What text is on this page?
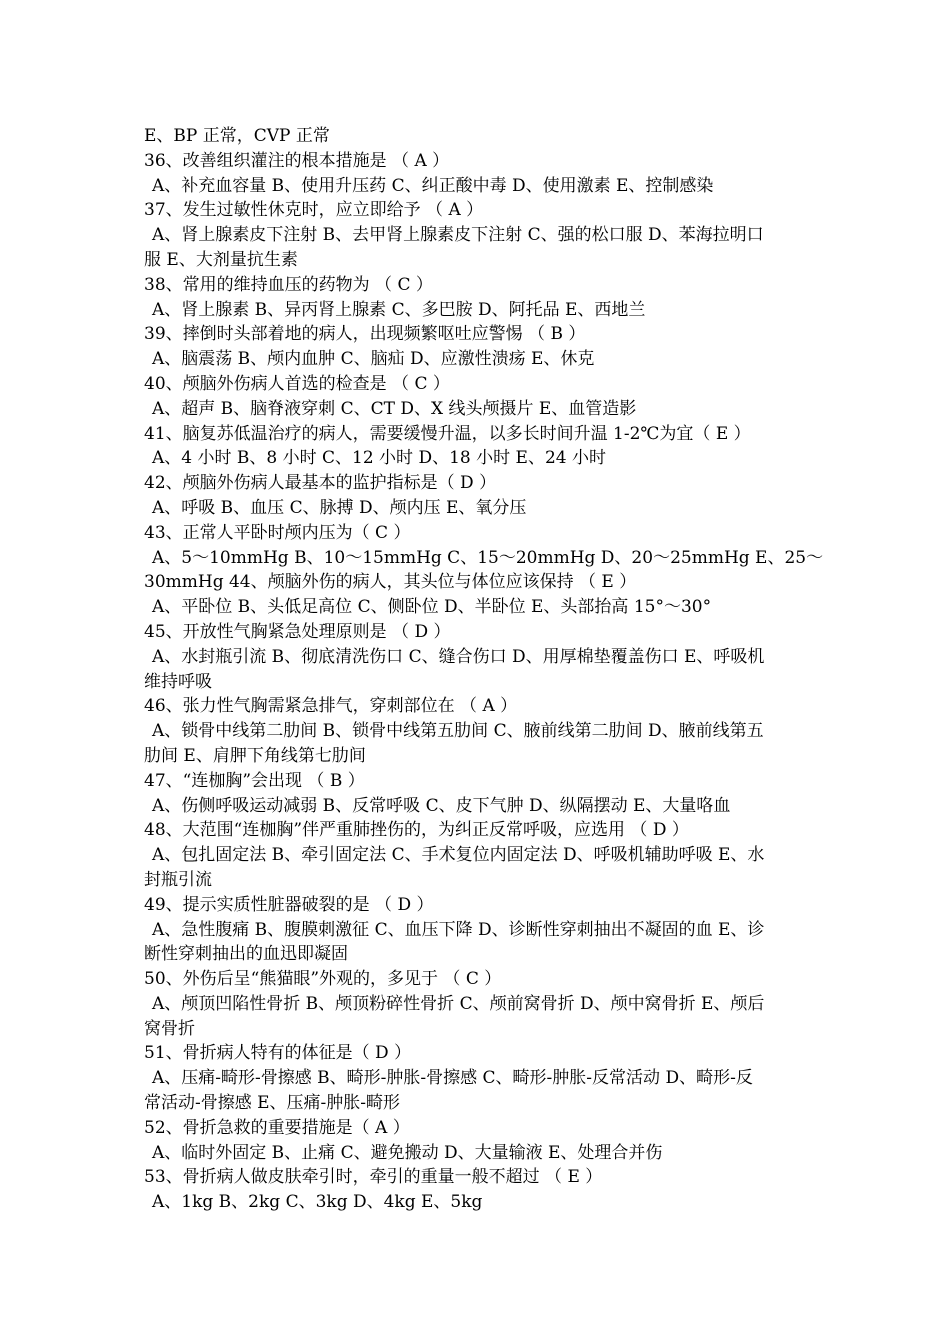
E、BP 正常，CVP 正常
36、改善组织灌注的根本措施是 （ A ）
A、补充血容量 B、使用升压药 C、纠正酸中毒 D、使用激素 E、控制感染
37、发生过敏性休克时，应立即给予 （ A ）
A、肾上腺素皮下注射 B、去甲肾上腺素皮下注射 C、强的松口服 D、苯海拉明口
服 E、大剂量抗生素
38、常用的维持血压的药物为 （ C ）
A、肾上腺素 B、异丙肾上腺素 C、多巴胺 D、阿托品 E、西地兰
39、摔倒时头部着地的病人，出现频繁呕吐应警惕 （ B ）
A、脑震荡 B、颅内血肿 C、脑疝 D、应激性溃疡 E、休克
40、颅脑外伤病人首选的检查是 （ C ）
A、超声 B、脑脊液穿刺 C、CT D、X 线头颅摄片 E、血管造影
41、脑复苏低温治疗的病人，需要缓慢升温，以多长时间升温 1-2℃为宜（ E ）
A、4 小时 B、8 小时 C、12 小时 D、18 小时 E、24 小时
42、颅脑外伤病人最基本的监护指标是（ D ）
A、呼吸 B、血压 C、脉搏 D、颅内压 E、氧分压
43、正常人平卧时颅内压为（ C ）
A、5～10mmHg B、10～15mmHg C、15～20mmHg D、20～25mmHg E、25～
30mmHg 44、颅脑外伤的病人，其头位与体位应该保持 （ E ）
A、平卧位 B、头低足高位 C、侧卧位 D、半卧位 E、头部抬高 15°～30°
45、开放性气胸紧急处理原则是 （ D ）
A、水封瓶引流 B、彻底清洗伤口 C、缝合伤口 D、用厚棉垫覆盖伤口 E、呼吸机
维持呼吸
46、张力性气胸需紧急排气，穿刺部位在 （ A ）
A、锁骨中线第二肋间 B、锁骨中线第五肋间 C、腋前线第二肋间 D、腋前线第五
肋间 E、肩胛下角线第七肋间
47、“连枷胸”会出现 （ B ）
A、伤侧呼吸运动减弱 B、反常呼吸 C、皮下气肿 D、纵隔摆动 E、大量咯血
48、大范围“连枷胸”伴严重肺挫伤的，为纠正反常呼吸，应选用 （ D ）
A、包扎固定法 B、牵引固定法 C、手术复位内固定法 D、呼吸机辅助呼吸 E、水
封瓶引流
49、提示实质性脏器破裂的是 （ D ）
A、急性腹痛 B、腹膜刺激征 C、血压下降 D、诊断性穿刺抽出不凝固的血 E、诊
断性穿刺抽出的血迅即凝固
50、外伤后呈“熊猫眼”外观的，多见于 （ C ）
A、颅顶凹陷性骨折 B、颅顶粉碎性骨折 C、颅前窝骨折 D、颅中窝骨折 E、颅后
窝骨折
51、骨折病人特有的体征是（ D ）
A、压痛-畸形-骨擦感 B、畸形-肿胀-骨擦感 C、畸形-肿胀-反常活动 D、畸形-反
常活动-骨擦感 E、压痛-肿胀-畸形
52、骨折急救的重要措施是（ A ）
A、临时外固定 B、止痛 C、避免搬动 D、大量输液 E、处理合并伤
53、骨折病人做皮肤牵引时，牵引的重量一般不超过 （ E ）
A、1kg B、2kg C、3kg D、4kg E、5kg
